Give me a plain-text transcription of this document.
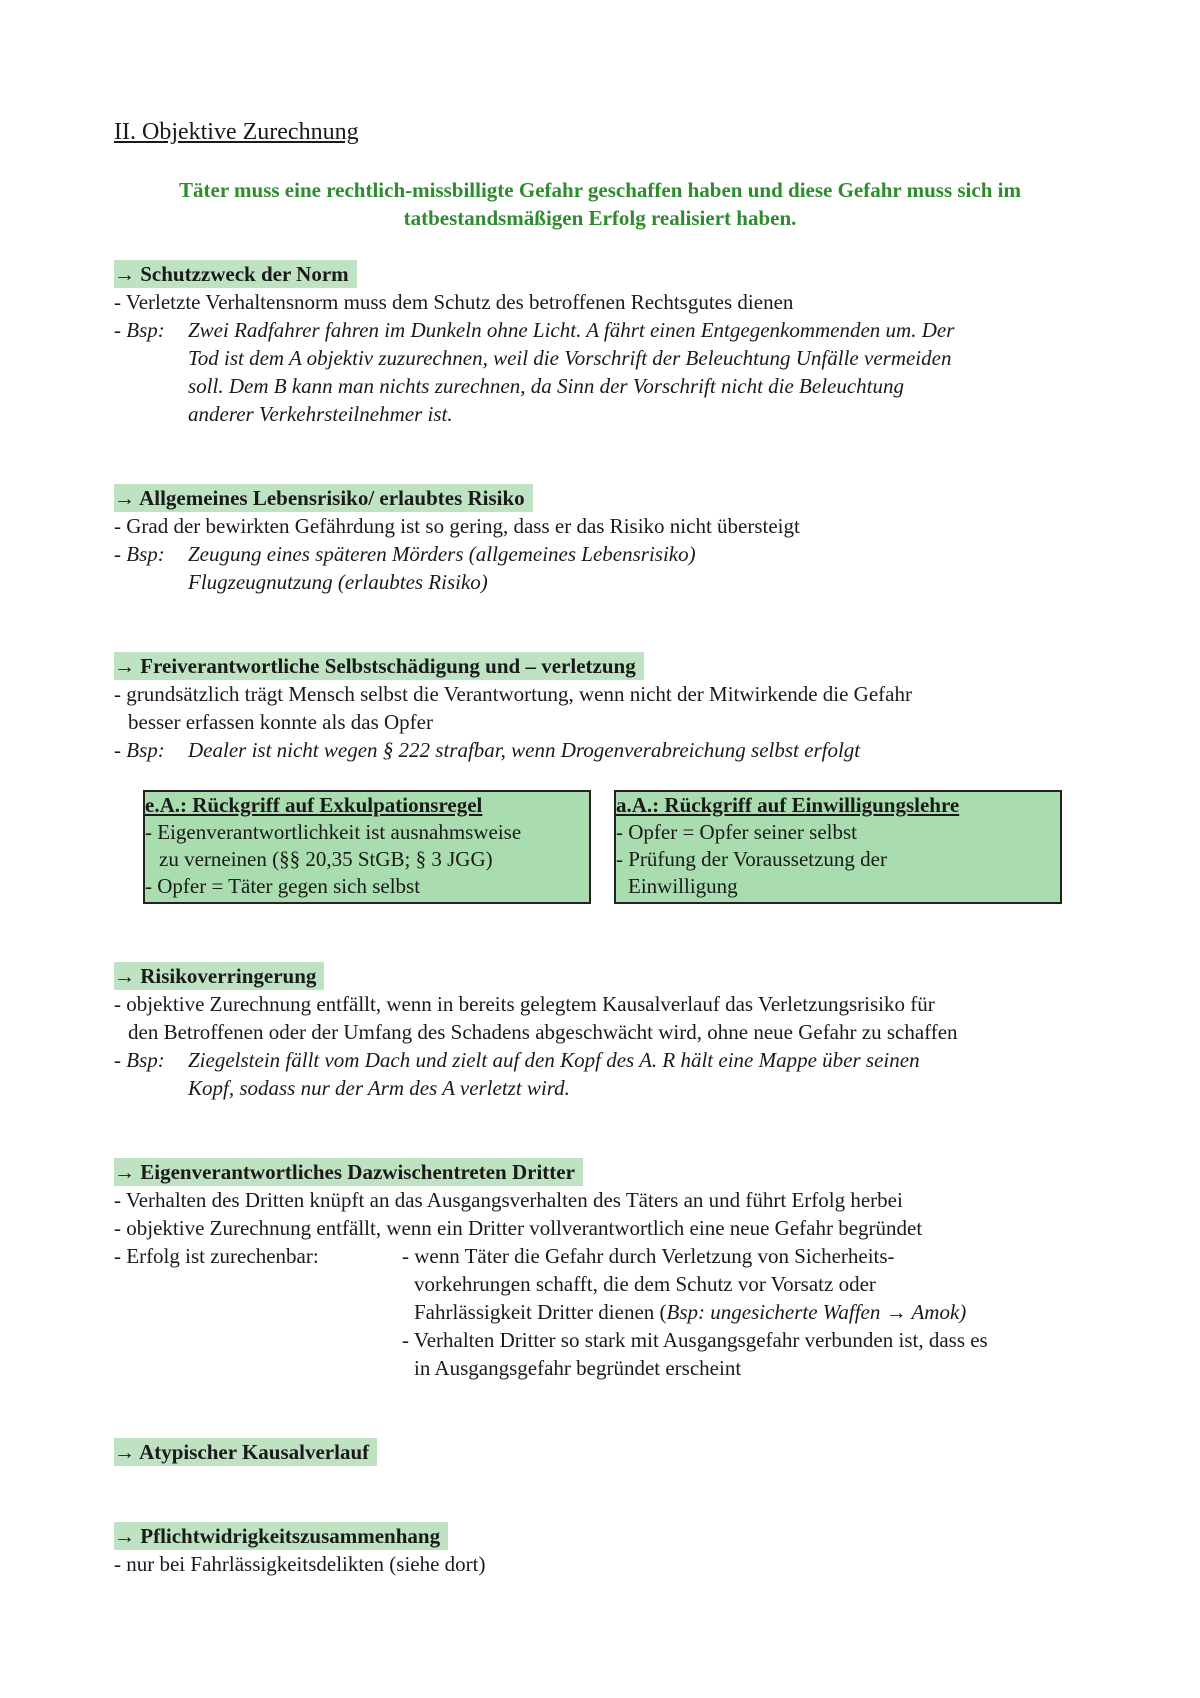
II. Objektive Zurechnung
Täter muss eine rechtlich-missbilligte Gefahr geschaffen haben und diese Gefahr muss sich im
tatbestandsmäßigen Erfolg realisiert haben.
→ Schutzzweck der Norm
- Verletzte Verhaltensnorm muss dem Schutz des betroffenen Rechtsgutes dienen
- Bsp: Zwei Radfahrer fahren im Dunkeln ohne Licht. A fährt einen Entgegenkommenden um. Der
Tod ist dem A objektiv zuzurechnen, weil die Vorschrift der Beleuchtung Unfälle vermeiden
soll. Dem B kann man nichts zurechnen, da Sinn der Vorschrift nicht die Beleuchtung
anderer Verkehrsteilnehmer ist.
→ Allgemeines Lebensrisiko/ erlaubtes Risiko
- Grad der bewirkten Gefährdung ist so gering, dass er das Risiko nicht übersteigt
- Bsp: Zeugung eines späteren Mörders (allgemeines Lebensrisiko)
Flugzeugnutzung (erlaubtes Risiko)
→ Freiverantwortliche Selbstschädigung und – verletzung
- grundsätzlich trägt Mensch selbst die Verantwortung, wenn nicht der Mitwirkende die Gefahr
besser erfassen konnte als das Opfer
- Bsp: Dealer ist nicht wegen § 222 strafbar, wenn Drogenverabreichung selbst erfolgt
e.A.: Rückgriff auf Exkulpationsregel
- Eigenverantwortlichkeit ist ausnahmsweise
zu verneinen (§§ 20,35 StGB; § 3 JGG)
- Opfer = Täter gegen sich selbst
a.A.: Rückgriff auf Einwilligungslehre
- Opfer = Opfer seiner selbst
- Prüfung der Voraussetzung der
Einwilligung
→ Risikoverringerung
- objektive Zurechnung entfällt, wenn in bereits gelegtem Kausalverlauf das Verletzungsrisiko für
den Betroffenen oder der Umfang des Schadens abgeschwächt wird, ohne neue Gefahr zu schaffen
- Bsp: Ziegelstein fällt vom Dach und zielt auf den Kopf des A. R hält eine Mappe über seinen
Kopf, sodass nur der Arm des A verletzt wird.
→ Eigenverantwortliches Dazwischentreten Dritter
- Verhalten des Dritten knüpft an das Ausgangsverhalten des Täters an und führt Erfolg herbei
- objektive Zurechnung entfällt, wenn ein Dritter vollverantwortlich eine neue Gefahr begründet
- Erfolg ist zurechenbar:	- wenn Täter die Gefahr durch Verletzung von Sicherheits-
vorkehrungen schafft, die dem Schutz vor Vorsatz oder
Fahrlässigkeit Dritter dienen (Bsp: ungesicherte Waffen → Amok)
- Verhalten Dritter so stark mit Ausgangsgefahr verbunden ist, dass es
in Ausgangsgefahr begründet erscheint
→ Atypischer Kausalverlauf
→ Pflichtwidrigkeitszusammenhang
- nur bei Fahrlässigkeitsdelikten (siehe dort)
